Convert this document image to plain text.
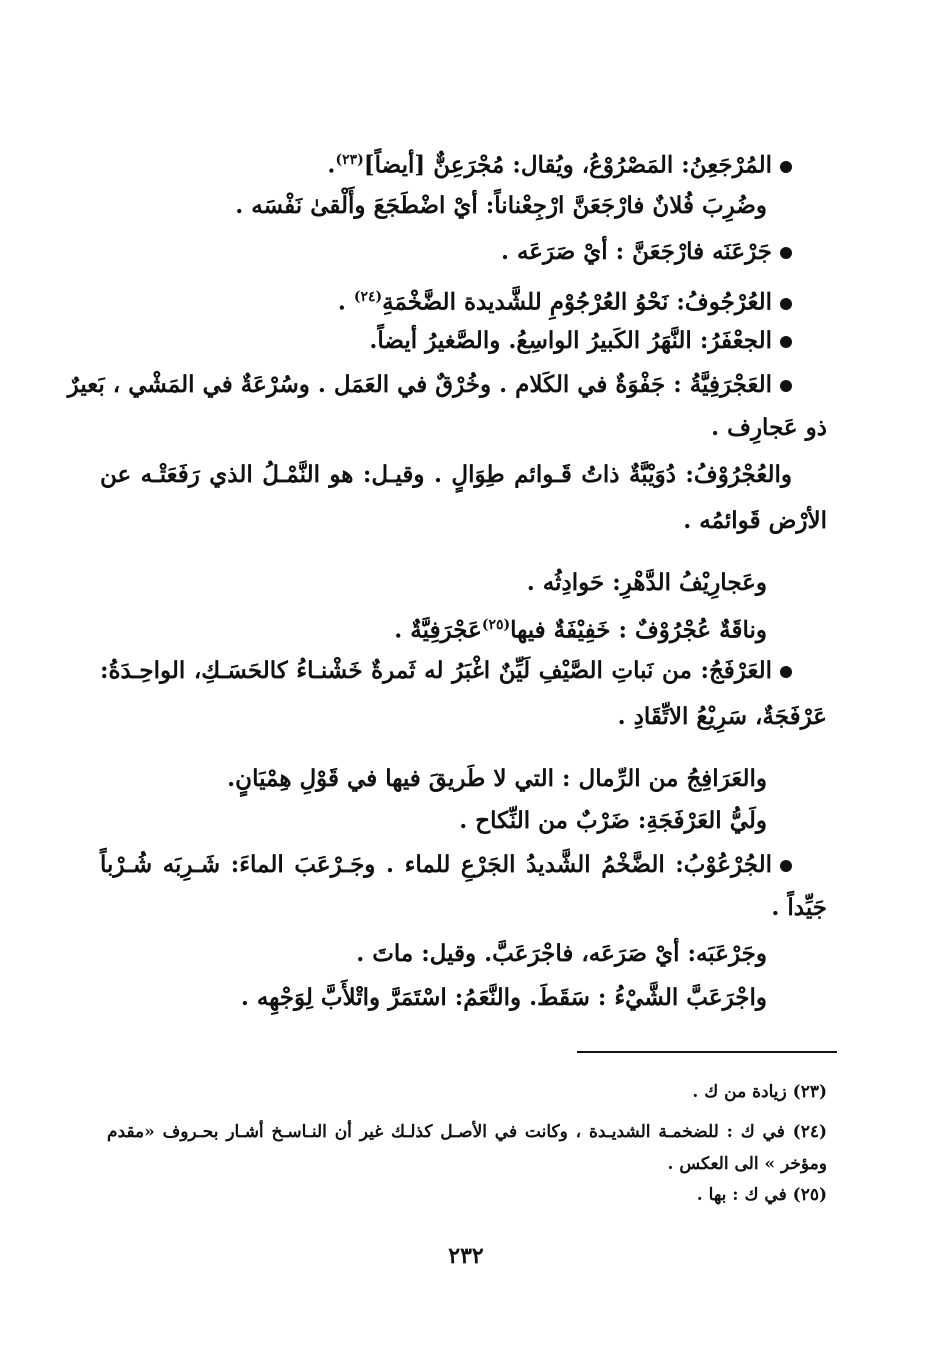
المُرْجَعِنُ: المَصْرُوْعُ، ويُقال: مُجْرَعِنٌّ [أيضاً]$^{(٢٣)}$.
وضُرِبَ فُلانٌ فارْجَعَنَّ ارْجِعْناناً: أيْ اضْطَجَعَ وأَلْقىٰ نَفْسَه .
جَرْعَنَه فارْجَعَنَّ : أيْ صَرَعَه .
العُرْجُوفُ: نَحْوُ العُرْجُوْمِ للشَّديدة الضَّخْمَةِ$^{(٢٤)}$ .
الجعْفَرُ: النَّهَرُ الكَبيرُ الواسِعُ. والصَّغيرُ أيضاً.
العَجْرَفِيَّةُ : جَفْوَةٌ في الكَلام . وخُرْقٌ في العَمَل . وسُرْعَةٌ في المَشْي ، بَعيرٌ
ذو عَجارِف .
والعُجْرُوْفُ: دُوَيْبَّةٌ ذاتُ قَـوائم طِوَالٍ . وقيـل: هو النَّمْـلُ الذي رَفَعَتْـه عن
الأرْض قَوائمُه .
وعَجارِيْفُ الدَّهْرِ: حَوادِثُه .
وناقَةٌ عُجْرُوْفٌ : خَفِيْفَةٌ فيها$^{(٢٥)}$عَجْرَفِيَّةٌ .
العَرْفَجُ: من نَباتِ الصَّيْفِ لَيِّنٌ اغْبَرُ له ثَمرةٌ خَشْنـاءُ كالحَسَـكِ، الواحِـدَةُ:
عَرْفَجَةٌ، سَرِيْعُ الاتِّقَادِ .
والعَرَافِجُ من الرِّمال : التي لا طَريقَ فيها في قَوْلِ هِمْيَانٍ.
ولَيُّ العَرْفَجَةِ: ضَرْبٌ من النِّكاح .
الجُرْعُوْبُ: الضَّخْمُ الشَّديدُ الجَرْعِ للماء . وجَـرْعَبَ الماءَ: شَـرِبَه شُـرْباً
جَيِّداً .
وجَرْعَبَه: أيْ صَرَعَه، فاجْرَعَبَّ. وقيل: ماتَ .
واجْرَعَبَّ الشَّيْءُ : سَقَطَ. والنَّعَمُ: اسْتَمَرَّ واتْلأَبَّ لِوَجْهِه .
(٢٣) زيادة من ك .
(٢٤) في ك : للضخمـة الشديـدة ، وكانت في الأصـل كذلـك غير أن النـاسـخ أشـار بحـروف «مقدم
ومؤخر » الى العكس .
(٢٥) في ك : بها .
٢٣٢
